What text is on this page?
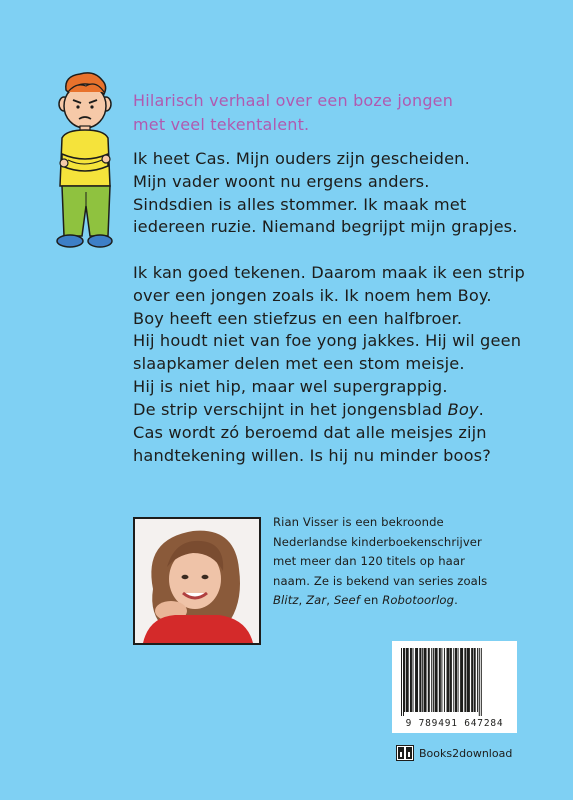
Hilarisch verhaal over een boze jongen
met veel tekentalent.
Ik heet Cas. Mijn ouders zijn gescheiden.
Mijn vader woont nu ergens anders.
Sindsdien is alles stommer. Ik maak met
iedereen ruzie. Niemand begrijpt mijn grapjes.
Ik kan goed tekenen. Daarom maak ik een strip
over een jongen zoals ik. Ik noem hem Boy.
Boy heeft een stiefzus en een halfbroer.
Hij houdt niet van foe yong jakkes. Hij wil geen
slaapkamer delen met een stom meisje.
Hij is niet hip, maar wel supergrappig.
De strip verschijnt in het jongensblad Boy.
Cas wordt zó beroemd dat alle meisjes zijn
handtekening willen. Is hij nu minder boos?
Rian Visser is een bekroonde
Nederlandse kinderboekenschrijver
met meer dan 120 titels op haar
naam. Ze is bekend van series zoals
Blitz, Zar, Seef en Robotoorlog.
9 789491 647284
Books2download
